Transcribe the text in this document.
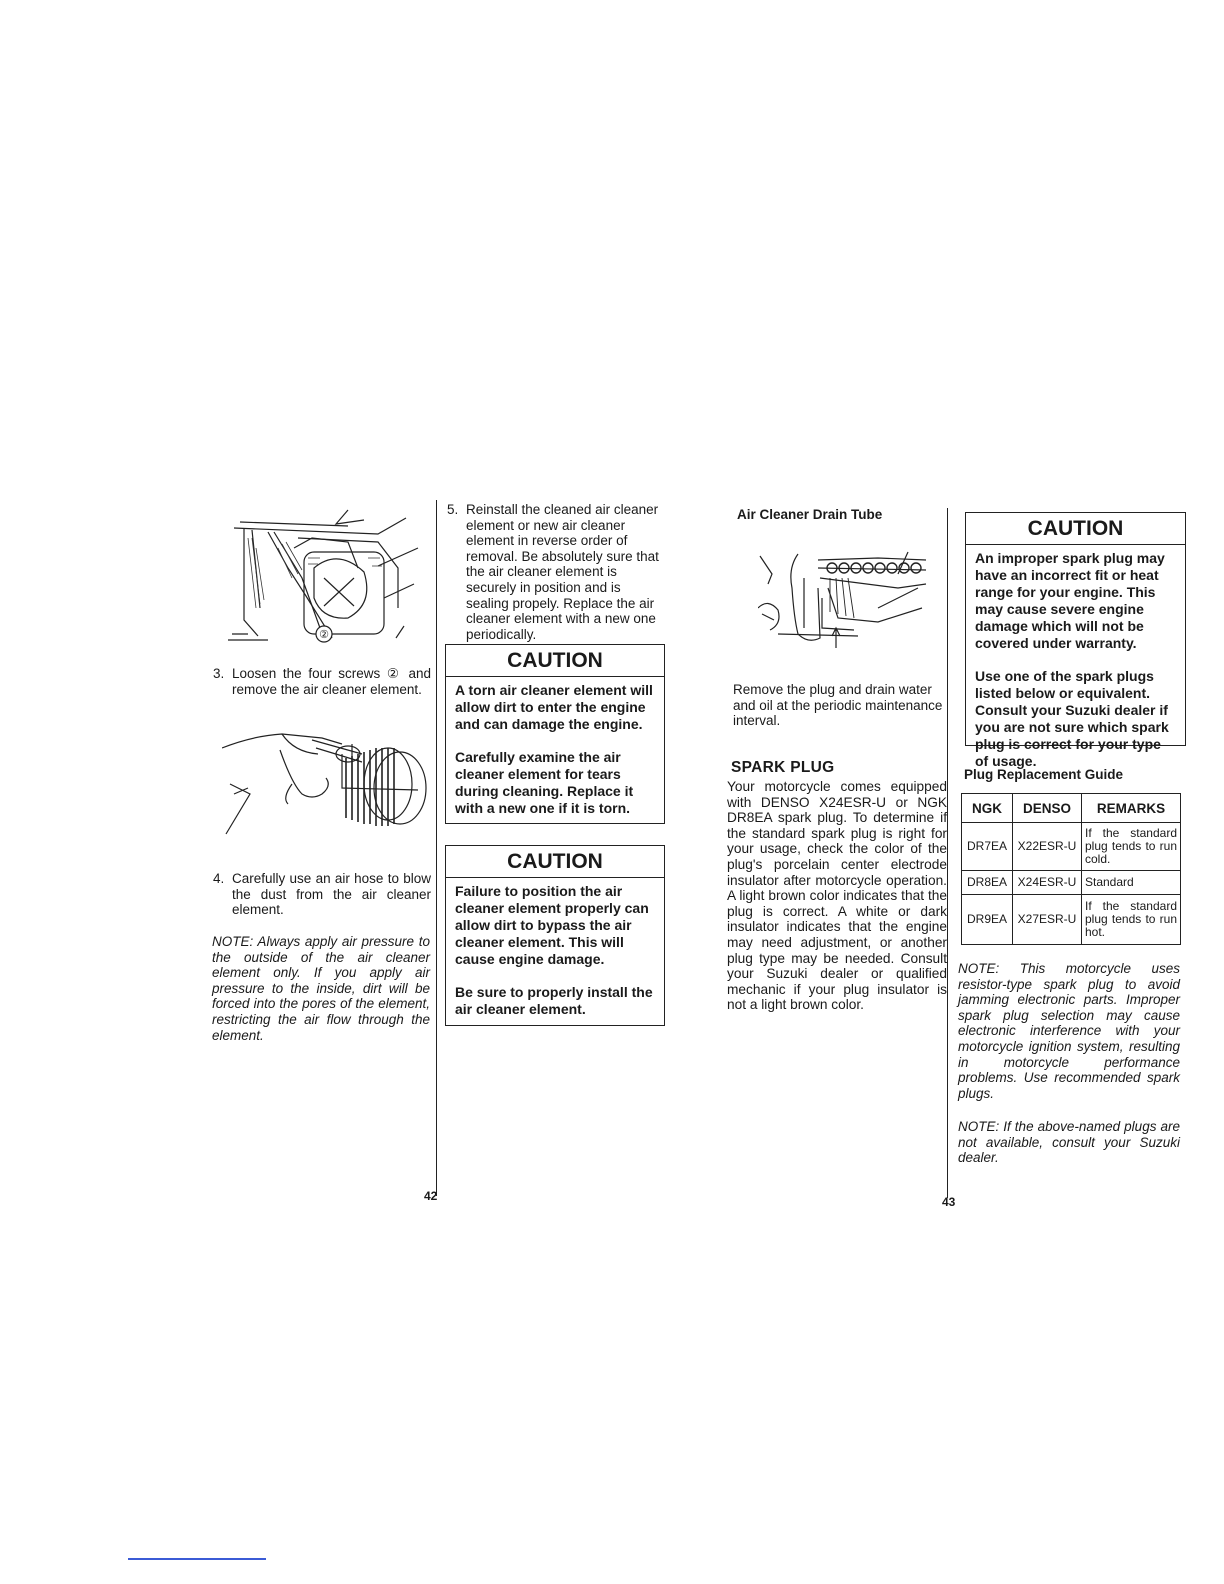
②
3. Loosen the four screws ② and remove the air cleaner element.
4. Carefully use an air hose to blow the dust from the air cleaner element.
NOTE: Always apply air pressure to the outside of the air cleaner element only. If you apply air pressure to the inside, dirt will be forced into the pores of the element, restricting the air flow through the element.
42
5. Reinstall the cleaned air cleaner element or new air cleaner element in reverse order of removal. Be absolutely sure that the air cleaner element is securely in position and is sealing propely. Replace the air cleaner element with a new one periodically.
CAUTION

A torn air cleaner element will allow dirt to enter the engine and can damage the engine.

Carefully examine the air cleaner element for tears during cleaning. Replace it with a new one if it is torn.

CAUTION

Failure to position the air cleaner element properly can allow dirt to bypass the air cleaner element. This will cause engine damage.

Be sure to properly install the air cleaner element.

Air Cleaner Drain Tube
Remove the plug and drain water and oil at the periodic maintenance interval.
SPARK PLUG
Your motorcycle comes equipped with DENSO X24ESR-U or NGK DR8EA spark plug. To determine if the standard spark plug is right for your usage, check the color of the plug's porcelain center electrode insulator after motorcycle operation. A light brown color indicates that the plug is correct. A white or dark insulator indicates that the engine may need adjustment, or another plug type may be needed. Consult your Suzuki dealer or qualified mechanic if your plug insulator is not a light brown color.
43
CAUTION

An improper spark plug may have an incorrect fit or heat range for your engine. This may cause severe engine damage which will not be covered under warranty.

Use one of the spark plugs listed below or equivalent. Consult your Suzuki dealer if you are not sure which spark plug is correct for your type of usage.

Plug Replacement Guide
NGK	DENSO	REMARKS
DR7EA	X22ESR-U	If the standard plug tends to run cold.
DR8EA	X24ESR-U	Standard
DR9EA	X27ESR-U	If the standard plug tends to run hot.
NOTE: This motorcycle uses resistor-type spark plug to avoid jamming electronic parts. Improper spark plug selection may cause electronic interference with your motorcycle ignition system, resulting in motorcycle performance problems. Use recommended spark plugs.
NOTE: If the above-named plugs are not available, consult your Suzuki dealer.
